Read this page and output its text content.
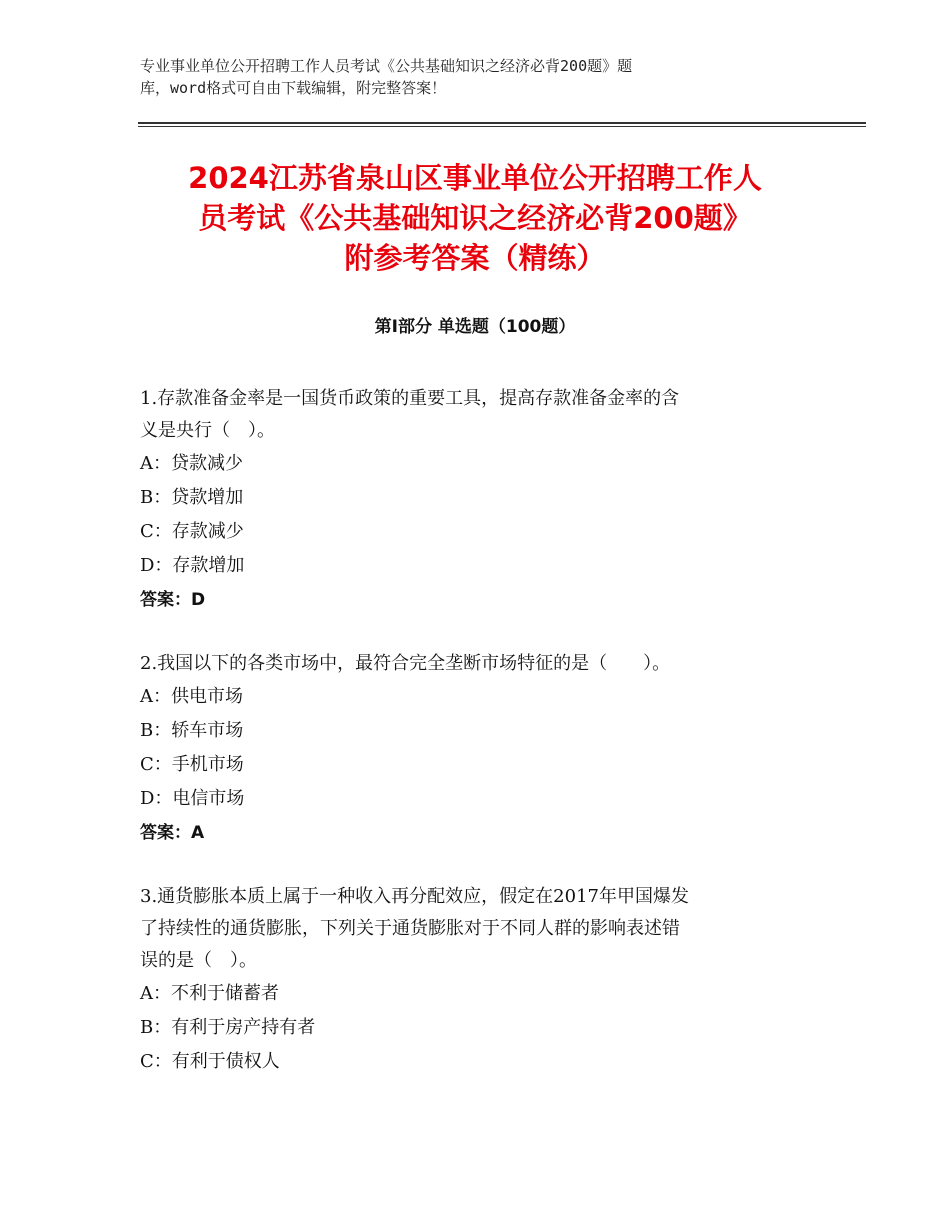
专业事业单位公开招聘工作人员考试《公共基础知识之经济必背200题》题
库，word格式可自由下载编辑，附完整答案！
2024江苏省泉山区事业单位公开招聘工作人
员考试《公共基础知识之经济必背200题》
附参考答案（精练）
第Ⅰ部分 单选题（100题）

1.存款准备金率是一国货币政策的重要工具，提高存款准备金率的含

义是央行（　）。

A：贷款减少

B：贷款增加

C：存款减少

D：存款增加

答案：D

2.我国以下的各类市场中，最符合完全垄断市场特征的是（　　）。

A：供电市场

B：轿车市场

C：手机市场

D：电信市场

答案：A

3.通货膨胀本质上属于一种收入再分配效应，假定在2017年甲国爆发

了持续性的通货膨胀，下列关于通货膨胀对于不同人群的影响表述错

误的是（　）。

A：不利于储蓄者

B：有利于房产持有者

C：有利于债权人
